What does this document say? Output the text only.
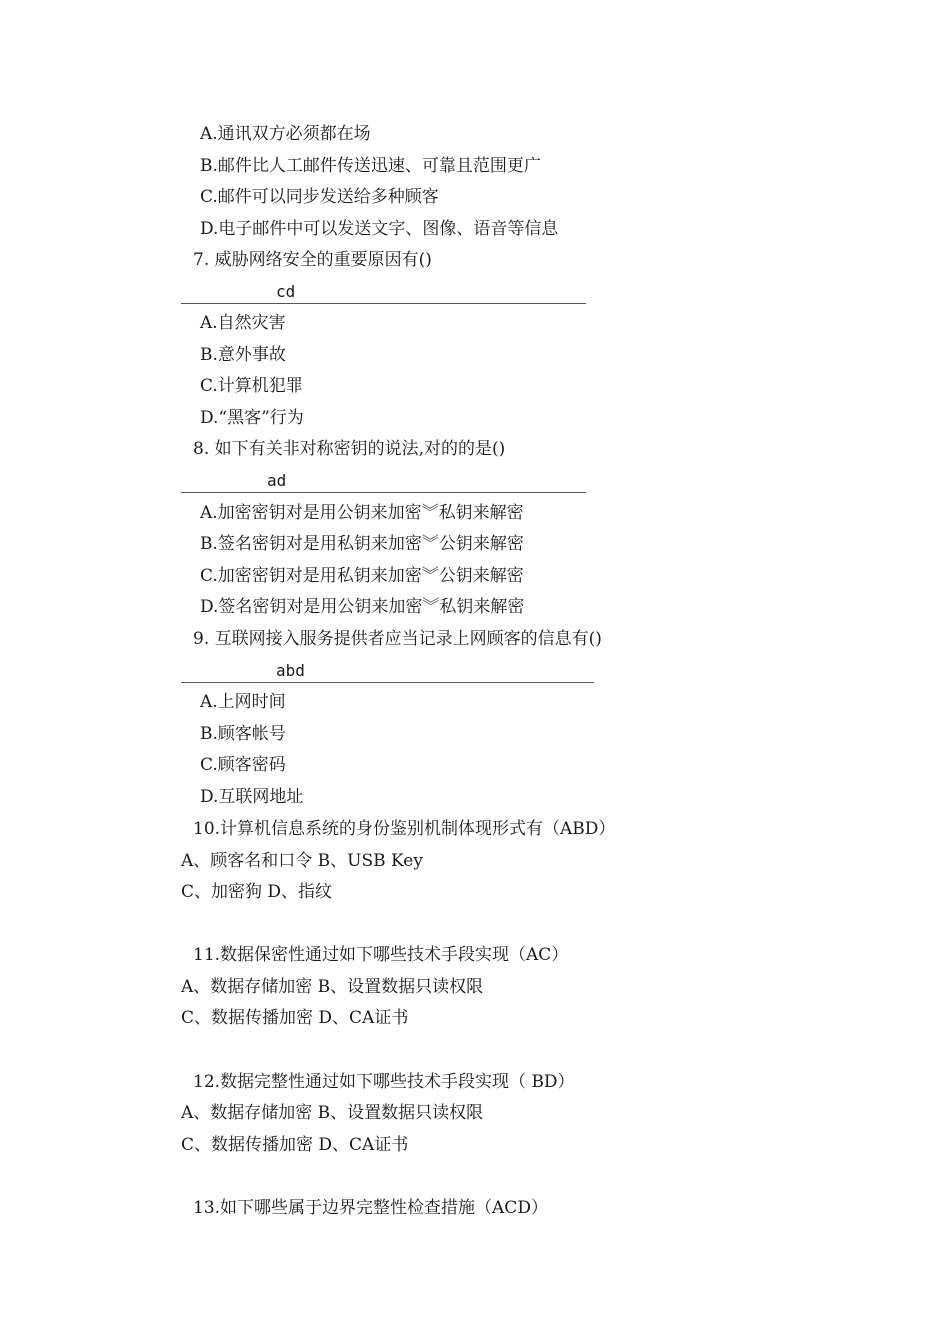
A.通讯双方必须都在场
B.邮件比人工邮件传送迅速、可靠且范围更广
C.邮件可以同步发送给多种顾客
D.电子邮件中可以发送文字、图像、语音等信息
7. 威胁网络安全的重要原因有()
cd
A.自然灾害
B.意外事故
C.计算机犯罪
D.“黑客”行为
8. 如下有关非对称密钥的说法,对的的是()
ad
A.加密密钥对是用公钥来加密︾私钥来解密
B.签名密钥对是用私钥来加密︾公钥来解密
C.加密密钥对是用私钥来加密︾公钥来解密
D.签名密钥对是用公钥来加密︾私钥来解密
9. 互联网接入服务提供者应当记录上网顾客的信息有()
abd
A.上网时间
B.顾客帐号
C.顾客密码
D.互联网地址
10.计算机信息系统的身份鉴别机制体现形式有（ABD）
A、顾客名和口令 B、USB Key
C、加密狗 D、指纹
11.数据保密性通过如下哪些技术手段实现（AC）
A、数据存储加密 B、设置数据只读权限
C、数据传播加密 D、CA证书
12.数据完整性通过如下哪些技术手段实现（ BD）
A、数据存储加密 B、设置数据只读权限
C、数据传播加密 D、CA证书
13.如下哪些属于边界完整性检查措施（ACD）
